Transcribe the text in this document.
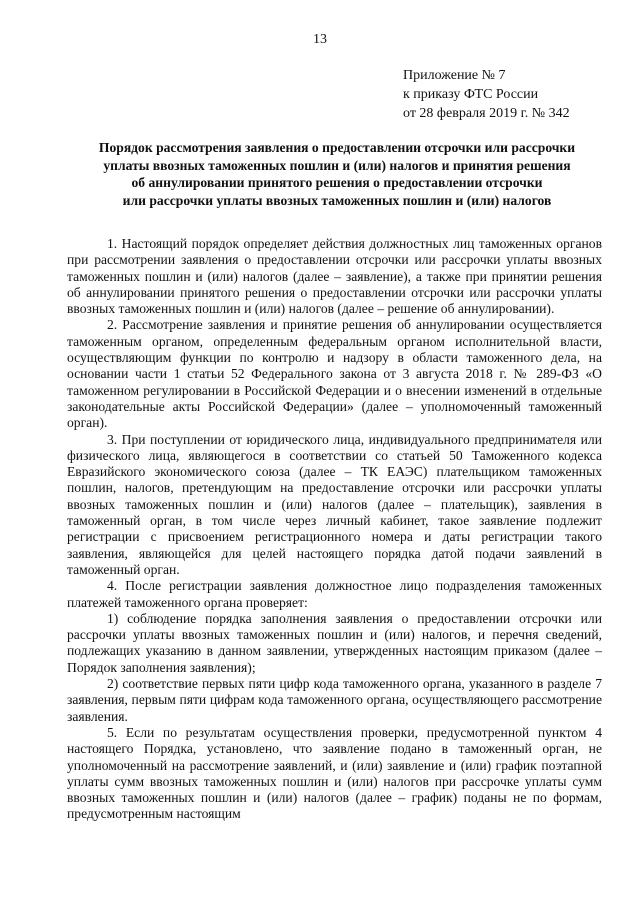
13
Приложение № 7
к приказу ФТС России
от 28 февраля 2019 г. № 342
Порядок рассмотрения заявления о предоставлении отсрочки или рассрочки
уплаты ввозных таможенных пошлин и (или) налогов и принятия решения
об аннулировании принятого решения о предоставлении отсрочки
или рассрочки уплаты ввозных таможенных пошлин и (или) налогов

1. Настоящий порядок определяет действия должностных лиц таможенных органов при рассмотрении заявления о предоставлении отсрочки или рассрочки уплаты ввозных таможенных пошлин и (или) налогов (далее – заявление), а также при принятии решения об аннулировании принятого решения о предоставлении отсрочки или рассрочки уплаты ввозных таможенных пошлин и (или) налогов (далее – решение об аннулировании).

2. Рассмотрение заявления и принятие решения об аннулировании осуществляется таможенным органом, определенным федеральным органом исполнительной власти, осуществляющим функции по контролю и надзору в области таможенного дела, на основании части 1 статьи 52 Федерального закона от 3 августа 2018 г. № 289-ФЗ «О таможенном регулировании в Российской Федерации и о внесении изменений в отдельные законодательные акты Российской Федерации» (далее – уполномоченный таможенный орган).

3. При поступлении от юридического лица, индивидуального предпринимателя или физического лица, являющегося в соответствии со статьей 50 Таможенного кодекса Евразийского экономического союза (далее – ТК ЕАЭС) плательщиком таможенных пошлин, налогов, претендующим на предоставление отсрочки или рассрочки уплаты ввозных таможенных пошлин и (или) налогов (далее – плательщик), заявления в таможенный орган, в том числе через личный кабинет, такое заявление подлежит регистрации с присвоением регистрационного номера и даты регистрации такого заявления, являющейся для целей настоящего порядка датой подачи заявлений в таможенный орган.

4. После регистрации заявления должностное лицо подразделения таможенных платежей таможенного органа проверяет:

1) соблюдение порядка заполнения заявления о предоставлении отсрочки или рассрочки уплаты ввозных таможенных пошлин и (или) налогов, и перечня сведений, подлежащих указанию в данном заявлении, утвержденных настоящим приказом (далее – Порядок заполнения заявления);

2) соответствие первых пяти цифр кода таможенного органа, указанного в разделе 7 заявления, первым пяти цифрам кода таможенного органа, осуществляющего рассмотрение заявления.

5. Если по результатам осуществления проверки, предусмотренной пунктом 4 настоящего Порядка, установлено, что заявление подано в таможенный орган, не уполномоченный на рассмотрение заявлений, и (или) заявление и (или) график поэтапной уплаты сумм ввозных таможенных пошлин и (или) налогов при рассрочке уплаты сумм ввозных таможенных пошлин и (или) налогов (далее – график) поданы не по формам, предусмотренным настоящим
